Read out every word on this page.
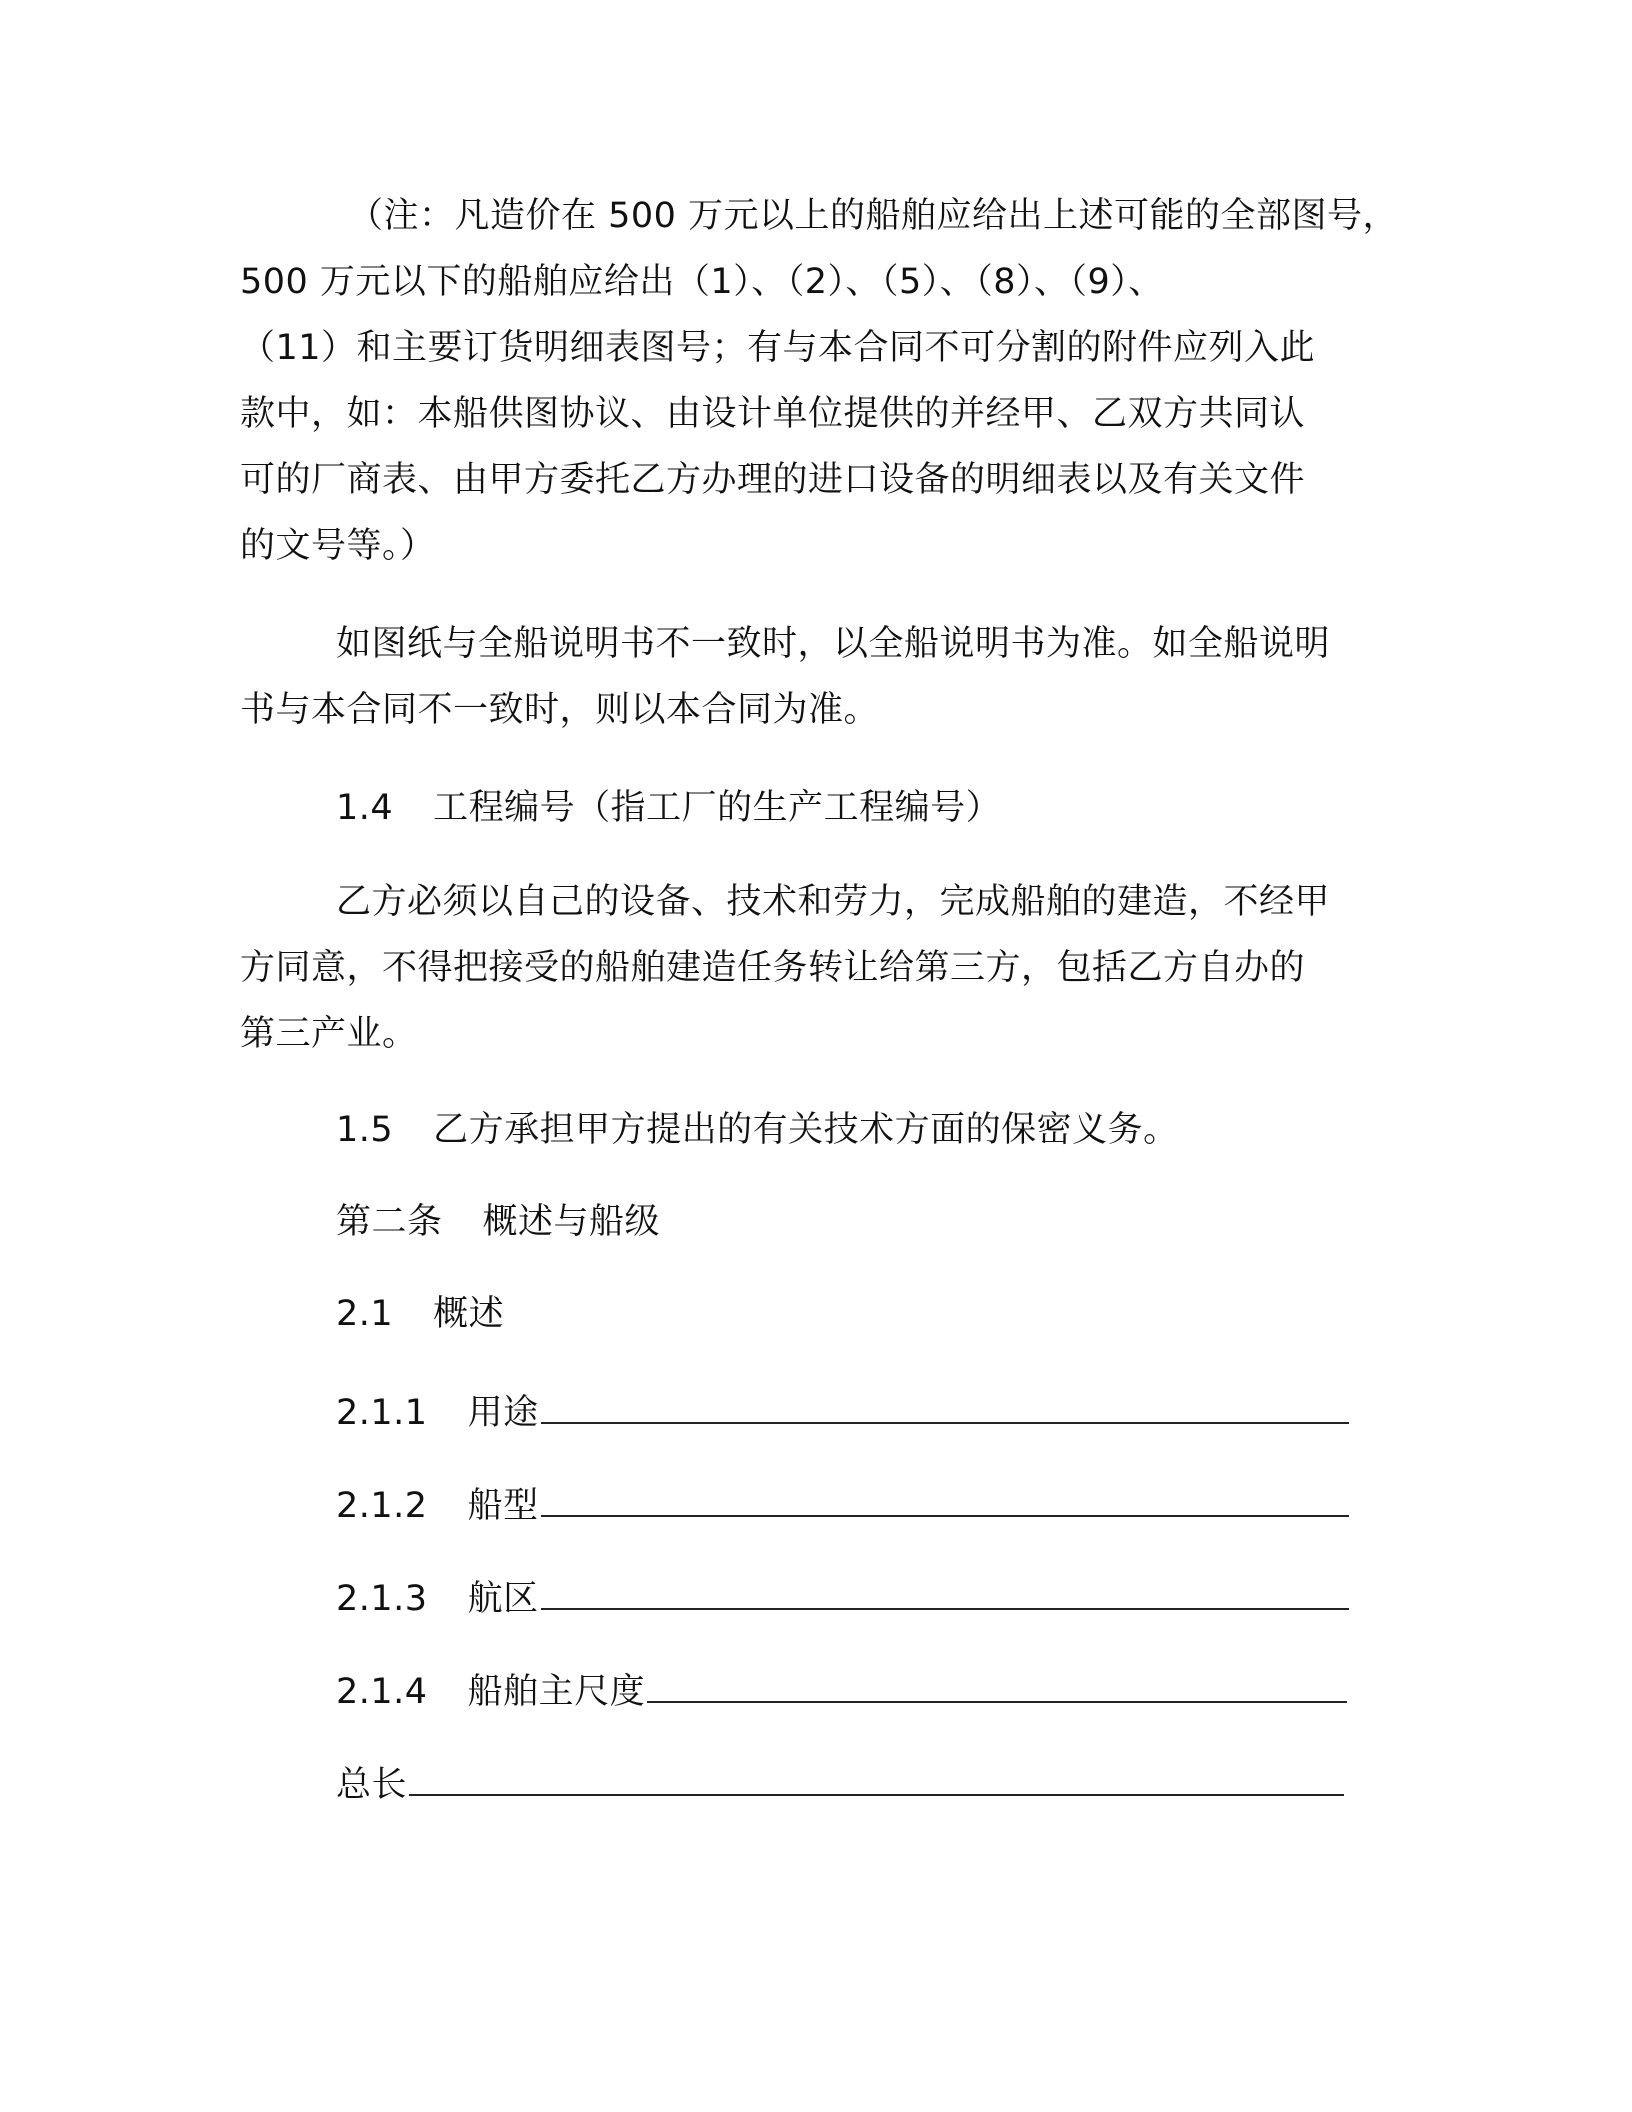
（注：凡造价在 500 万元以上的船舶应给出上述可能的全部图号，
500 万元以下的船舶应给出（1）、（2）、（5）、（8）、（9）、
（11）和主要订货明细表图号；有与本合同不可分割的附件应列入此
款中，如：本船供图协议、由设计单位提供的并经甲、乙双方共同认
可的厂商表、由甲方委托乙方办理的进口设备的明细表以及有关文件
的文号等。）
如图纸与全船说明书不一致时，以全船说明书为准。如全船说明
书与本合同不一致时，则以本合同为准。
1.4 工程编号（指工厂的生产工程编号）
乙方必须以自己的设备、技术和劳力，完成船舶的建造，不经甲
方同意，不得把接受的船舶建造任务转让给第三方，包括乙方自办的
第三产业。
1.5 乙方承担甲方提出的有关技术方面的保密义务。
第二条 概述与船级
2.1 概述
2.1.1 用途
2.1.2 船型
2.1.3 航区
2.1.4 船舶主尺度
总长
